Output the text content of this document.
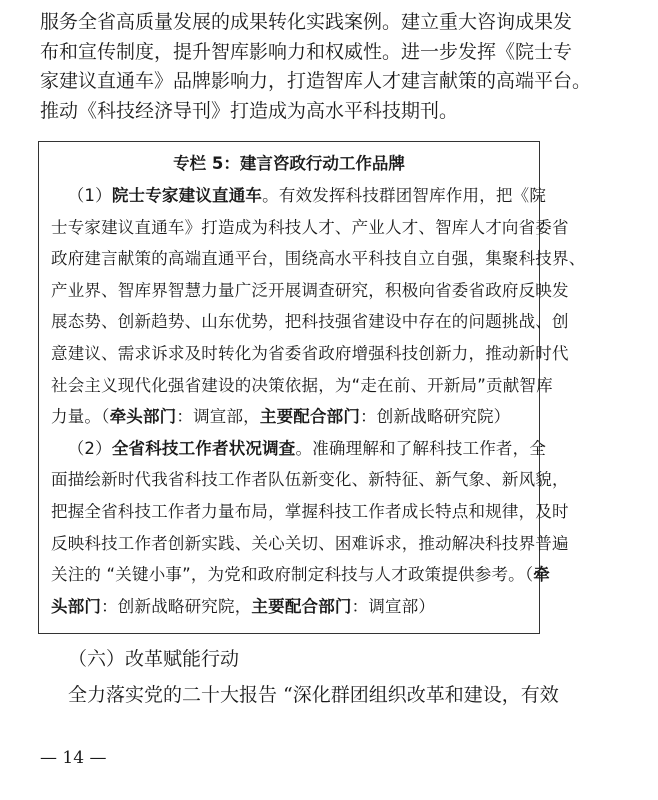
服务全省高质量发展的成果转化实践案例。建立重大咨询成果发
布和宣传制度，提升智库影响力和权威性。进一步发挥《院士专
家建议直通车》品牌影响力，打造智库人才建言献策的高端平台。
推动《科技经济导刊》打造成为高水平科技期刊。
专栏 5：建言咨政行动工作品牌
 （1）院士专家建议直通车。有效发挥科技群团智库作用，把《院
士专家建议直通车》打造成为科技人才、产业人才、智库人才向省委省
政府建言献策的高端直通平台，围绕高水平科技自立自强，集聚科技界、
产业界、智库界智慧力量广泛开展调查研究，积极向省委省政府反映发
展态势、创新趋势、山东优势，把科技强省建设中存在的问题挑战、创
意建议、需求诉求及时转化为省委省政府增强科技创新力，推动新时代
社会主义现代化强省建设的决策依据，为“走在前、开新局”贡献智库
力量。（牵头部门：调宣部，主要配合部门：创新战略研究院）
 （2）全省科技工作者状况调查。准确理解和了解科技工作者，全
面描绘新时代我省科技工作者队伍新变化、新特征、新气象、新风貌，
把握全省科技工作者力量布局，掌握科技工作者成长特点和规律，及时
反映科技工作者创新实践、关心关切、困难诉求，推动解决科技界普遍
关注的 “关键小事”，为党和政府制定科技与人才政策提供参考。（牵
头部门：创新战略研究院，主要配合部门：调宣部）
（六）改革赋能行动
全力落实党的二十大报告 “深化群团组织改革和建设，有效
— 14 —
